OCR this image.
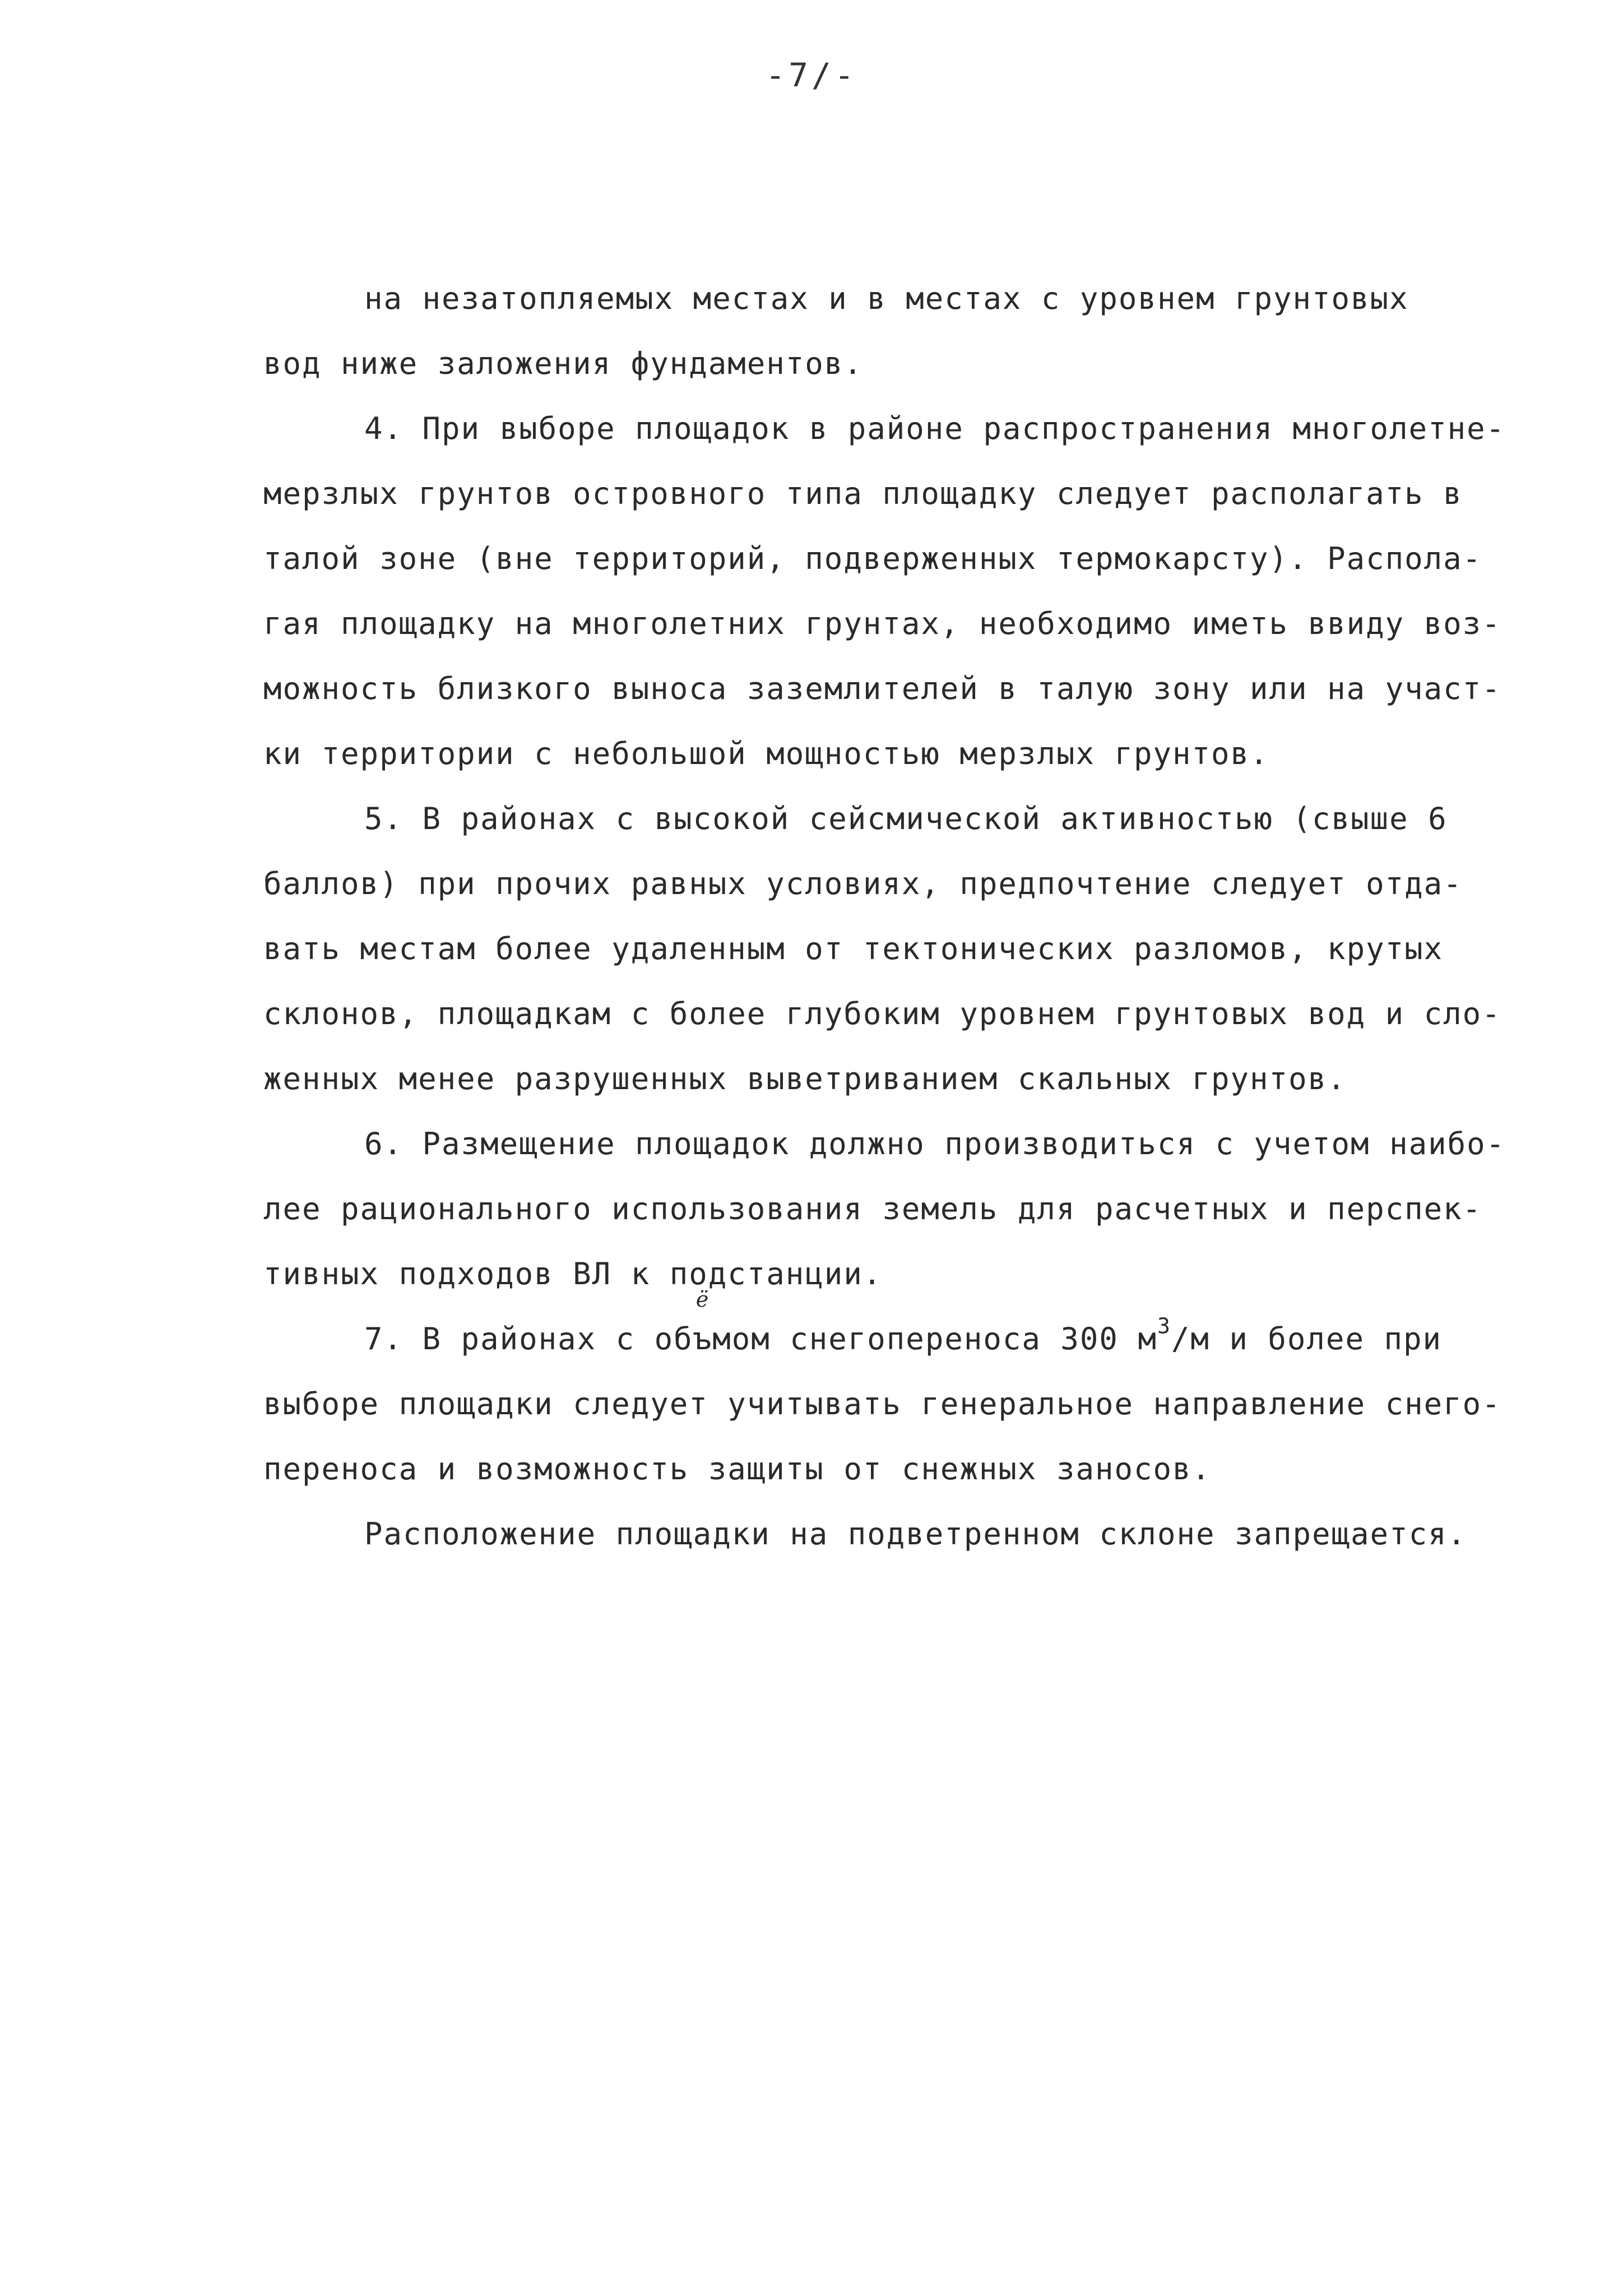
-7/-
на незатопляемых местах и в местах с уровнем грунтовых
вод ниже заложения фундаментов.
4. При выборе площадок в районе распространения многолетне-
мерзлых грунтов островного типа площадку следует располагать в
талой зоне (вне территорий, подверженных термокарсту). Распола-
гая площадку на многолетних грунтах, необходимо иметь ввиду воз-
можность близкого выноса заземлителей в талую зону или на участ-
ки территории с небольшой мощностью мерзлых грунтов.
5. В районах с высокой сейсмической активностью (свыше 6
баллов) при прочих равных условиях, предпочтение следует отда-
вать местам более удаленным от тектонических разломов, крутых
склонов, площадкам с более глубоким уровнем грунтовых вод и сло-
женных менее разрушенных выветриванием скальных грунтов.
6. Размещение площадок должно производиться с учетом наибо-
лее рационального использования земель для расчетных и перспек-
тивных подходов ВЛ к подстанции.
7. В районах с об
ё
ъмом снегопереноса 300 $м^3/м$ и более при
выборе площадки следует учитывать генеральное направление снего-
переноса и возможность защиты от снежных заносов.
Расположение площадки на подветренном склоне запрещается.
